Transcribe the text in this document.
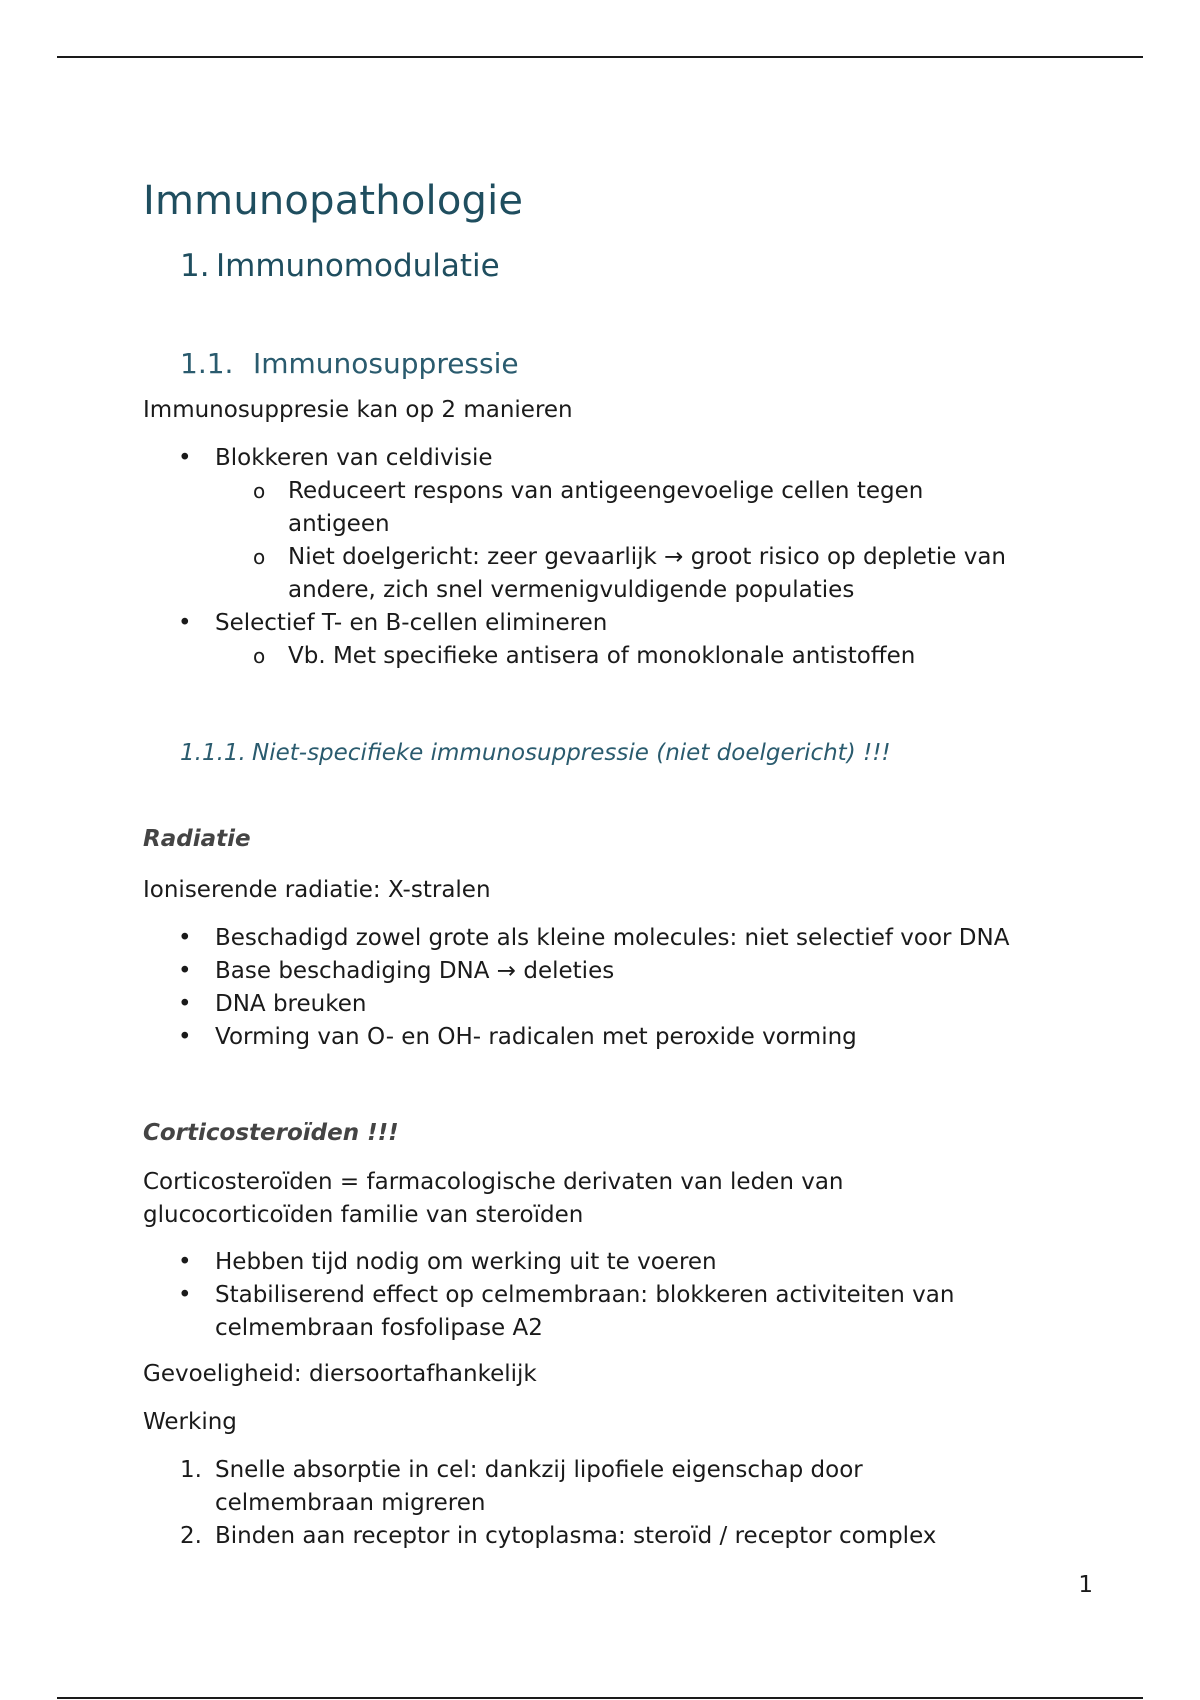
Immunopathologie
1. Immunomodulatie
1.1. Immunosuppressie
Immunosuppresie kan op 2 manieren
• Blokkeren van celdivisie
o Reduceert respons van antigeengevoelige cellen tegen antigeen
o Niet doelgericht: zeer gevaarlijk → groot risico op depletie van andere, zich snel vermenigvuldigende populaties
• Selectief T- en B-cellen elimineren
o Vb. Met specifieke antisera of monoklonale antistoffen
1.1.1. Niet-specifieke immunosuppressie (niet doelgericht) !!!
Radiatie
Ioniserende radiatie: X-stralen
• Beschadigd zowel grote als kleine molecules: niet selectief voor DNA
• Base beschadiging DNA → deleties
• DNA breuken
• Vorming van O- en OH- radicalen met peroxide vorming
Corticosteroïden !!!
Corticosteroïden = farmacologische derivaten van leden van glucocorticoïden familie van steroïden
• Hebben tijd nodig om werking uit te voeren
• Stabiliserend effect op celmembraan: blokkeren activiteiten van celmembraan fosfolipase A2
Gevoeligheid: diersoortafhankelijk
Werking
1. Snelle absorptie in cel: dankzij lipofiele eigenschap door celmembraan migreren
2. Binden aan receptor in cytoplasma: steroïd / receptor complex
1
